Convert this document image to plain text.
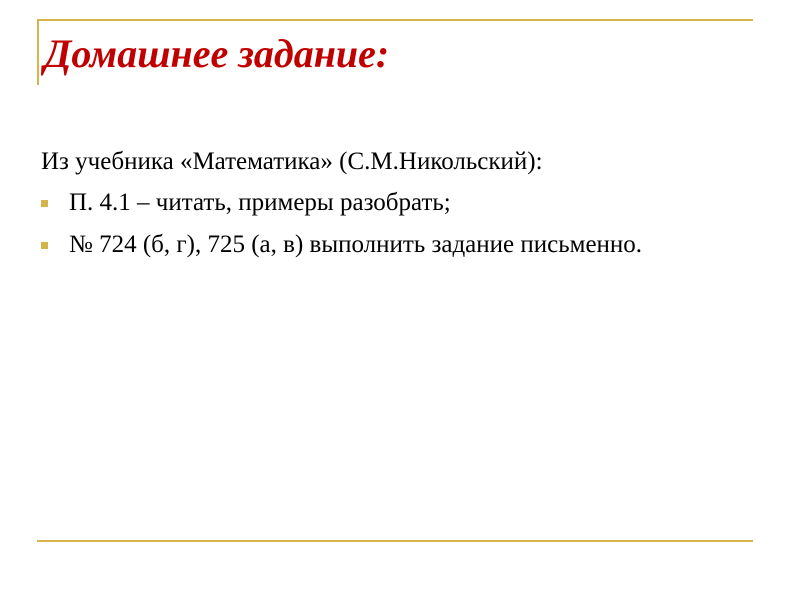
Домашнее задание:

Из учебника «Математика» (С.М.Никольский):

П. 4.1 – читать, примеры разобрать;
№ 724 (б, г), 725 (а, в) выполнить задание письменно.
